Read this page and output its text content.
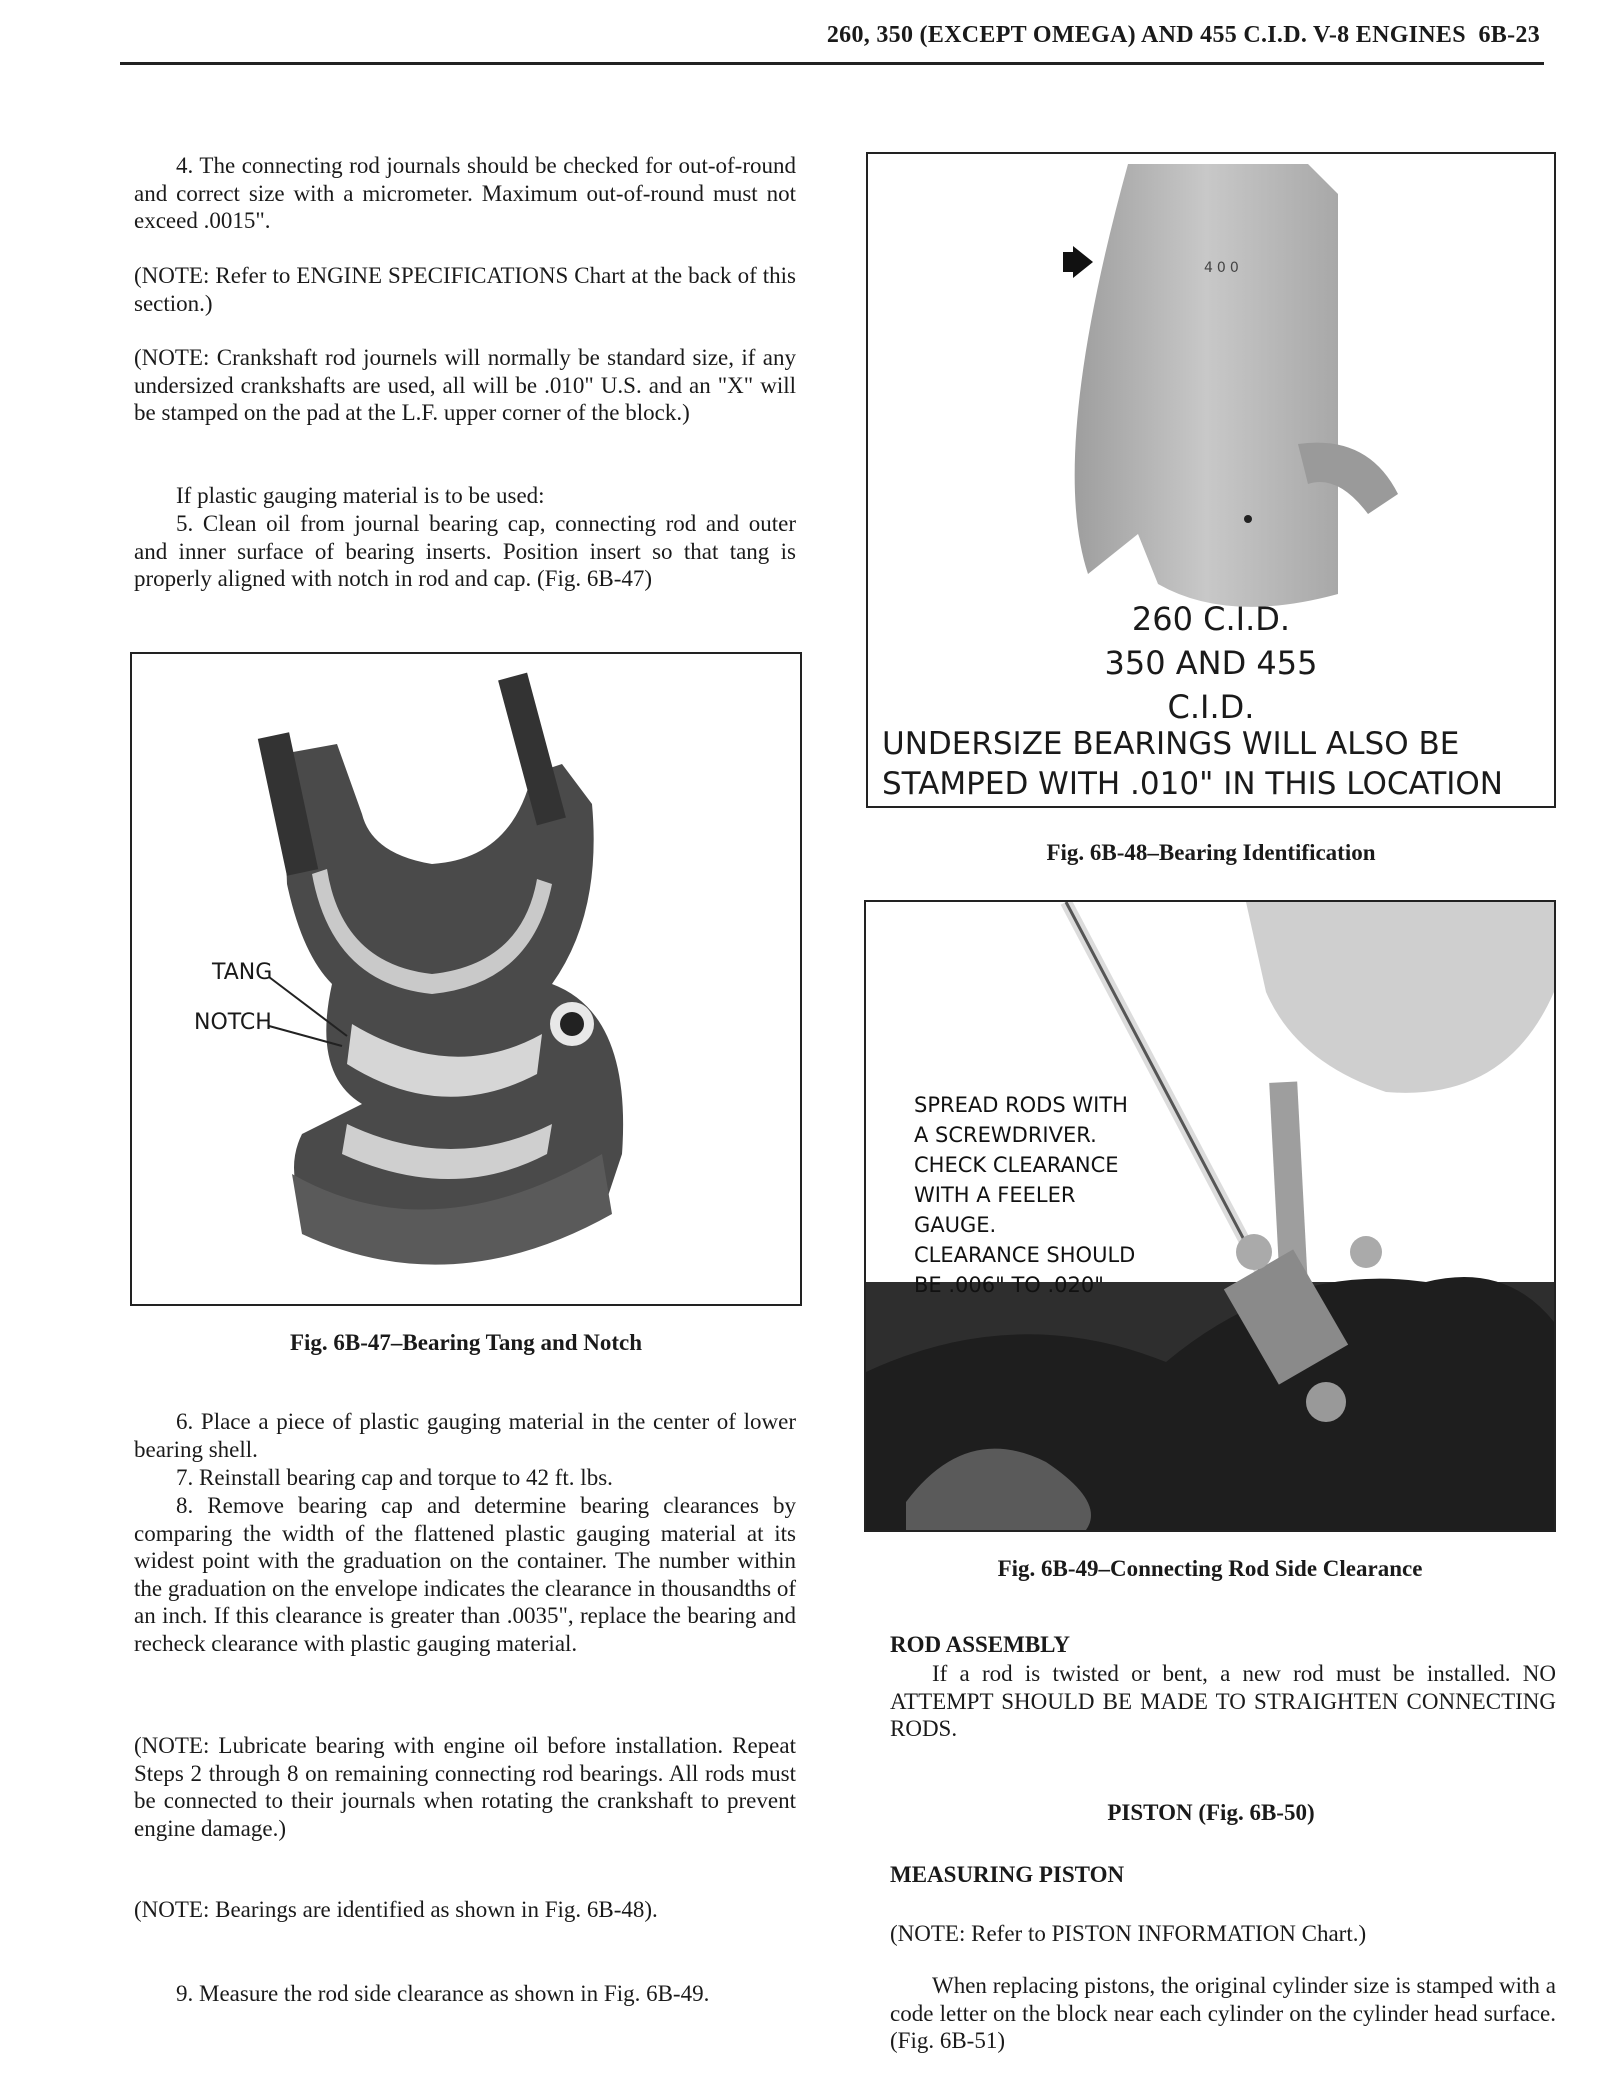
260, 350 (EXCEPT OMEGA) AND 455 C.I.D. V-8 ENGINES 6B-23

4. The connecting rod journals should be checked for out-of-round and correct size with a micrometer. Maximum out-of-round must not exceed .0015".

(NOTE: Refer to ENGINE SPECIFICATIONS Chart at the back of this section.)

(NOTE: Crankshaft rod journels will normally be standard size, if any undersized crankshafts are used, all will be .010" U.S. and an "X" will be stamped on the pad at the L.F. upper corner of the block.)

If plastic gauging material is to be used:

5. Clean oil from journal bearing cap, connecting rod and outer and inner surface of bearing inserts. Position insert so that tang is properly aligned with notch in rod and cap. (Fig. 6B-47)

TANG
NOTCH
Fig. 6B-47–Bearing Tang and Notch

6. Place a piece of plastic gauging material in the center of lower bearing shell.

7. Reinstall bearing cap and torque to 42 ft. lbs.

8. Remove bearing cap and determine bearing clearances by comparing the width of the flattened plastic gauging material at its widest point with the graduation on the container. The number within the graduation on the envelope indicates the clearance in thousandths of an inch. If this clearance is greater than .0035", replace the bearing and recheck clearance with plastic gauging material.

(NOTE: Lubricate bearing with engine oil before installation. Repeat Steps 2 through 8 on remaining connecting rod bearings. All rods must be connected to their journals when rotating the crankshaft to prevent engine damage.)

(NOTE: Bearings are identified as shown in Fig. 6B-48).

9. Measure the rod side clearance as shown in Fig. 6B-49.

400
260 C.I.D.
350 AND 455
C.I.D.
UNDERSIZE BEARINGS WILL ALSO BE
STAMPED WITH .010" IN THIS LOCATION
Fig. 6B-48–Bearing Identification
SPREAD RODS WITH
A SCREWDRIVER.
CHECK CLEARANCE
WITH A FEELER
GAUGE.
CLEARANCE SHOULD
BE .006" TO .020"
Fig. 6B-49–Connecting Rod Side Clearance

ROD ASSEMBLY

If a rod is twisted or bent, a new rod must be installed. NO ATTEMPT SHOULD BE MADE TO STRAIGHTEN CONNECTING RODS.

PISTON (Fig. 6B-50)

MEASURING PISTON

(NOTE: Refer to PISTON INFORMATION Chart.)

When replacing pistons, the original cylinder size is stamped with a code letter on the block near each cylinder on the cylinder head surface. (Fig. 6B-51)
